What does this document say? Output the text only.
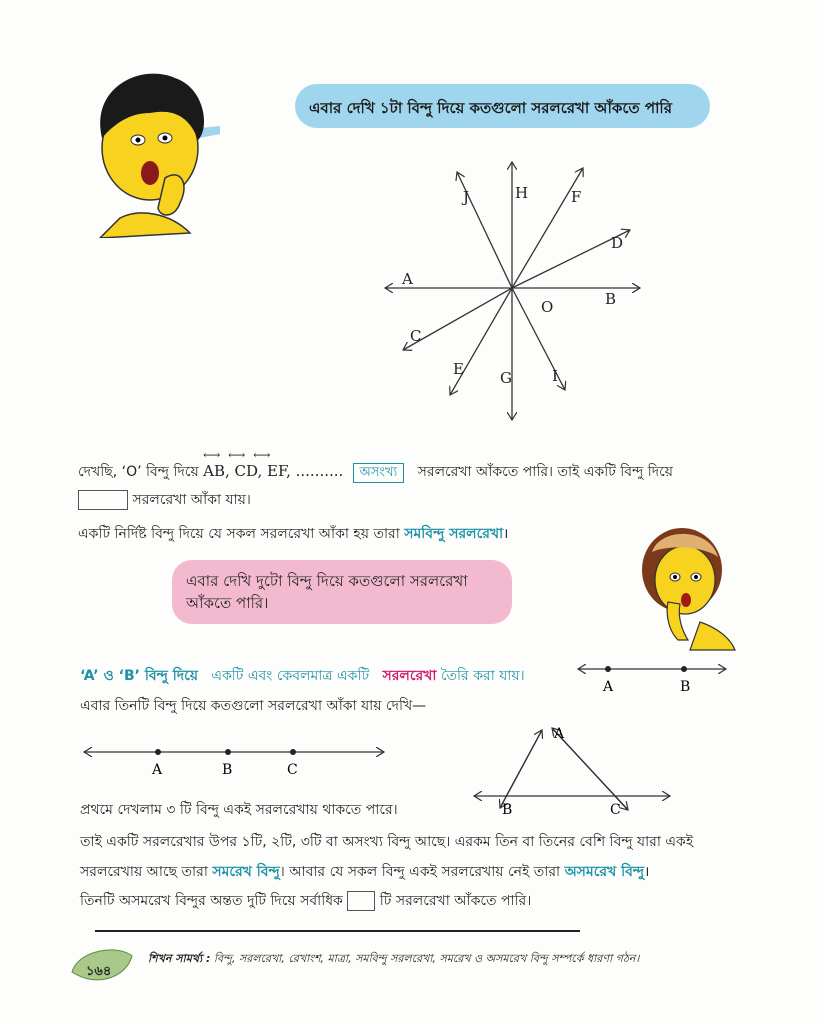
এবার দেখি ১টা বিন্দু দিয়ে কতগুলো সরলরেখা আঁকতে পারি
A
B
C
D
E
F
G
H
I
J
O
দেখছি, ‘O’ বিন্দু দিয়ে
⟷ ⟷ ⟷
AB, CD, EF, .......... অসংখ্য সরলরেখা আঁকতে পারি। তাই একটি বিন্দু দিয়ে
সরলরেখা আঁকা যায়।
একটি নির্দিষ্ট বিন্দু দিয়ে যে সকল সরলরেখা আঁকা হয় তারা সমবিন্দু সরলরেখা।
এবার দেখি দুটো বিন্দু দিয়ে কতগুলো সরলরেখা আঁকতে পারি।
‘A’ ও ‘B’ বিন্দু দিয়ে একটি এবং কেবলমাত্র একটি সরলরেখা তৈরি করা যায়।
A	B
এবার তিনটি বিন্দু দিয়ে কতগুলো সরলরেখা আঁকা যায় দেখি—
A	B	C
A
B	C
প্রথমে দেখলাম ৩ টি বিন্দু একই সরলরেখায় থাকতে পারে।
তাই একটি সরলরেখার উপর ১টি, ২টি, ৩টি বা অসংখ্য বিন্দু আছে। এরকম তিন বা তিনের বেশি বিন্দু যারা একই
সরলরেখায় আছে তারা সমরেখ বিন্দু। আবার যে সকল বিন্দু একই সরলরেখায় নেই তারা অসমরেখ বিন্দু।
তিনটি অসমরেখ বিন্দুর অন্তত দুটি দিয়ে সর্বাধিক	টি সরলরেখা আঁকতে পারি।
১৬৪
শিখন সামর্থ্য : বিন্দু, সরলরেখা, রেখাংশ, মাত্রা, সমবিন্দু সরলরেখা, সমরেখ ও অসমরেখ বিন্দু সম্পর্কে ধারণা গঠন।
